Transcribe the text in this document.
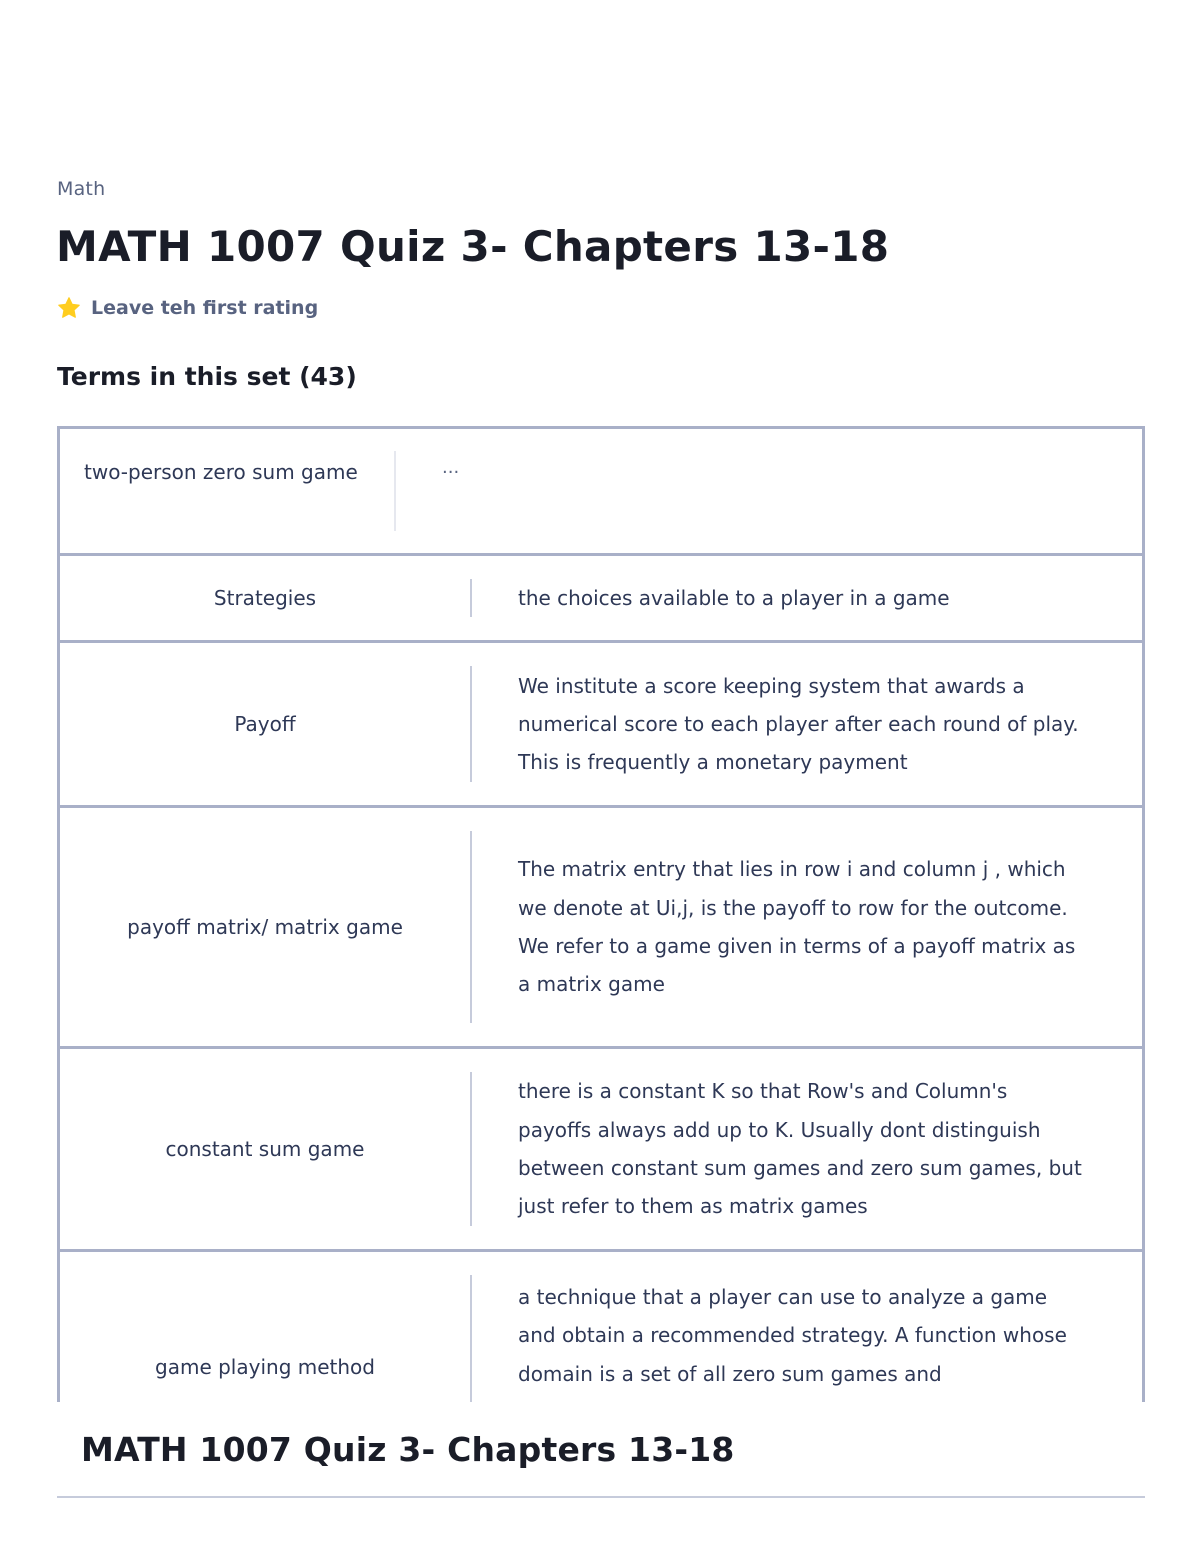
Math
MATH 1007 Quiz 3- Chapters 13-18
Leave teh first rating
Terms in this set (43)
two-person zero sum game	...
Strategies	the choices available to a player in a game
Payoff
We institute a score keeping system that awards a numerical score to each player after each round of play. This is frequently a monetary payment
payoff matrix/ matrix game
The matrix entry that lies in row i and column j , which we denote at Ui,j, is the payoff to row for the outcome.
We refer to a game given in terms of a payoff matrix as a matrix game
constant sum game
there is a constant K so that Row's and Column's payoffs always add up to K. Usually dont distinguish between constant sum games and zero sum games, but just refer to them as matrix games
game playing method
a technique that a player can use to analyze a game and obtain a recommended strategy. A function whose domain is a set of all zero sum games and
MATH 1007 Quiz 3- Chapters 13-18
